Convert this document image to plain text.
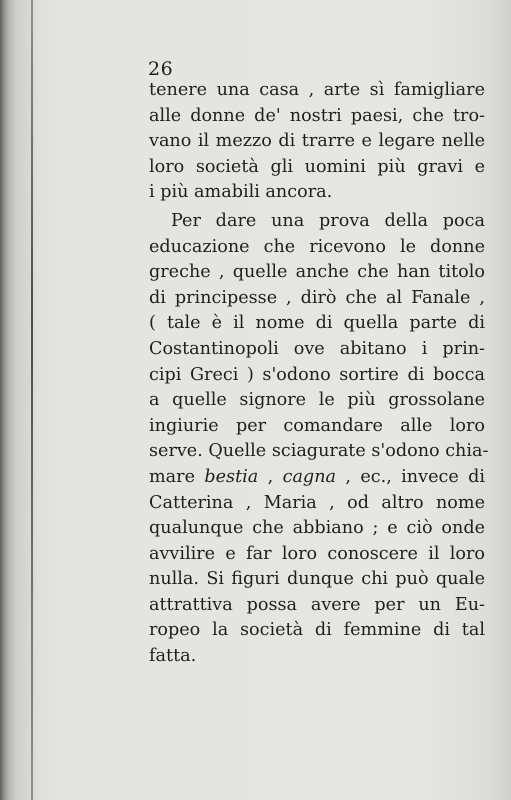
26
tenere una casa , arte sì famigliare
alle donne de' nostri paesi, che tro-
vano il mezzo di trarre e legare nelle
loro società gli uomini più gravi e
i più amabili ancora.
Per dare una prova della poca
educazione che ricevono le donne
greche , quelle anche che han titolo
di principesse , dirò che al Fanale ,
( tale è il nome di quella parte di
Costantinopoli ove abitano i prin-
cipi Greci ) s'odono sortire di bocca
a quelle signore le più grossolane
ingiurie per comandare alle loro
serve. Quelle sciagurate s'odono chia-
mare bestia , cagna , ec., invece di
Catterina , Maria , od altro nome
qualunque che abbiano ; e ciò onde
avvilire e far loro conoscere il loro
nulla. Si figuri dunque chi può quale
attrattiva possa avere per un Eu-
ropeo la società di femmine di tal
fatta.
